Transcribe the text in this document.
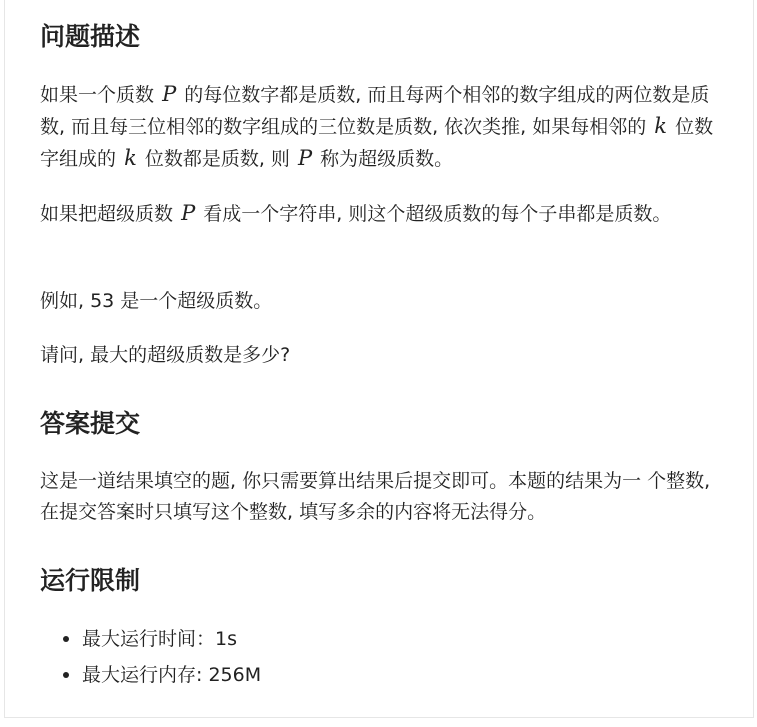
问题描述

如果一个质数 P 的每位数字都是质数, 而且每两个相邻的数字组成的两位数是质数, 而且每三位相邻的数字组成的三位数是质数, 依次类推, 如果每相邻的 k 位数字组成的 k 位数都是质数, 则 P 称为超级质数。

如果把超级质数 P 看成一个字符串, 则这个超级质数的每个子串都是质数。

例如, 53 是一个超级质数。

请问, 最大的超级质数是多少?

答案提交

这是一道结果填空的题, 你只需要算出结果后提交即可。本题的结果为一 个整数, 在提交答案时只填写这个整数, 填写多余的内容将无法得分。

运行限制
最大运行时间：1s
最大运行内存: 256M
